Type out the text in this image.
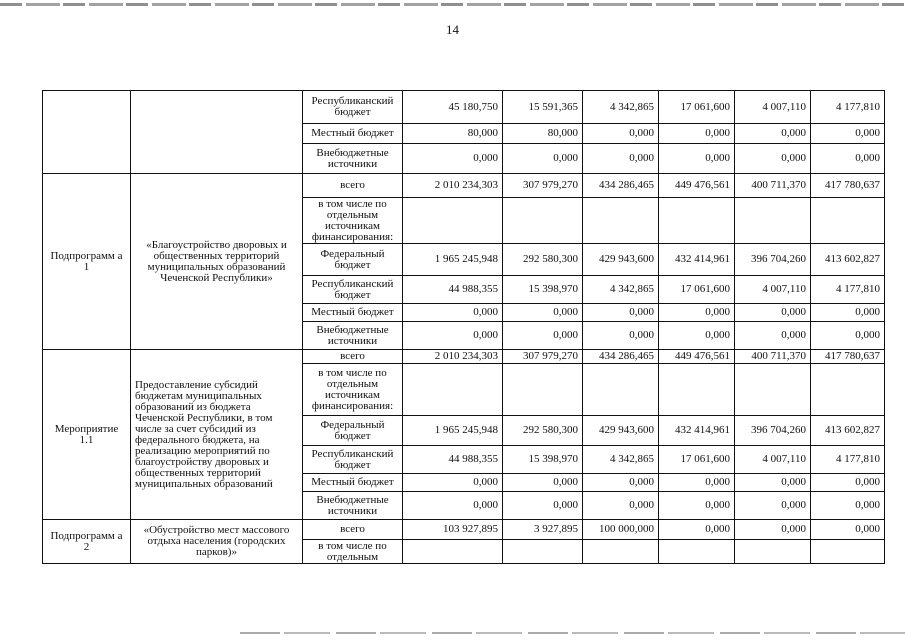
14
		Республиканский бюджет	45 180,750	15 591,365	4 342,865	17 061,600	4 007,110	4 177,810
		Местный бюджет	80,000	80,000	0,000	0,000	0,000	0,000
		Внебюджетные источники	0,000	0,000	0,000	0,000	0,000	0,000
Подпрограмм а 1	«Благоустройство дворовых и общественных территорий муниципальных образований Чеченской Республики»	всего	2 010 234,303	307 979,270	434 286,465	449 476,561	400 711,370	417 780,637
		в том числе по отдельным источникам финансирования:						
		Федеральный бюджет	1 965 245,948	292 580,300	429 943,600	432 414,961	396 704,260	413 602,827
		Республиканский бюджет	44 988,355	15 398,970	4 342,865	17 061,600	4 007,110	4 177,810
		Местный бюджет	0,000	0,000	0,000	0,000	0,000	0,000
		Внебюджетные источники	0,000	0,000	0,000	0,000	0,000	0,000
Мероприятие 1.1	Предоставление субсидий бюджетам муниципальных образований из бюджета Чеченской Республики, в том числе за счет субсидий из федерального бюджета, на реализацию мероприятий по благоустройству дворовых и общественных территорий муниципальных образований	всего	2 010 234,303	307 979,270	434 286,465	449 476,561	400 711,370	417 780,637
		в том числе по отдельным источникам финансирования:						
		Федеральный бюджет	1 965 245,948	292 580,300	429 943,600	432 414,961	396 704,260	413 602,827
		Республиканский бюджет	44 988,355	15 398,970	4 342,865	17 061,600	4 007,110	4 177,810
		Местный бюджет	0,000	0,000	0,000	0,000	0,000	0,000
		Внебюджетные источники	0,000	0,000	0,000	0,000	0,000	0,000
Подпрограмм а 2	«Обустройство мест массового отдыха населения (городских парков)»	всего	103 927,895	3 927,895	100 000,000	0,000	0,000	0,000
		в том числе по отдельным						
